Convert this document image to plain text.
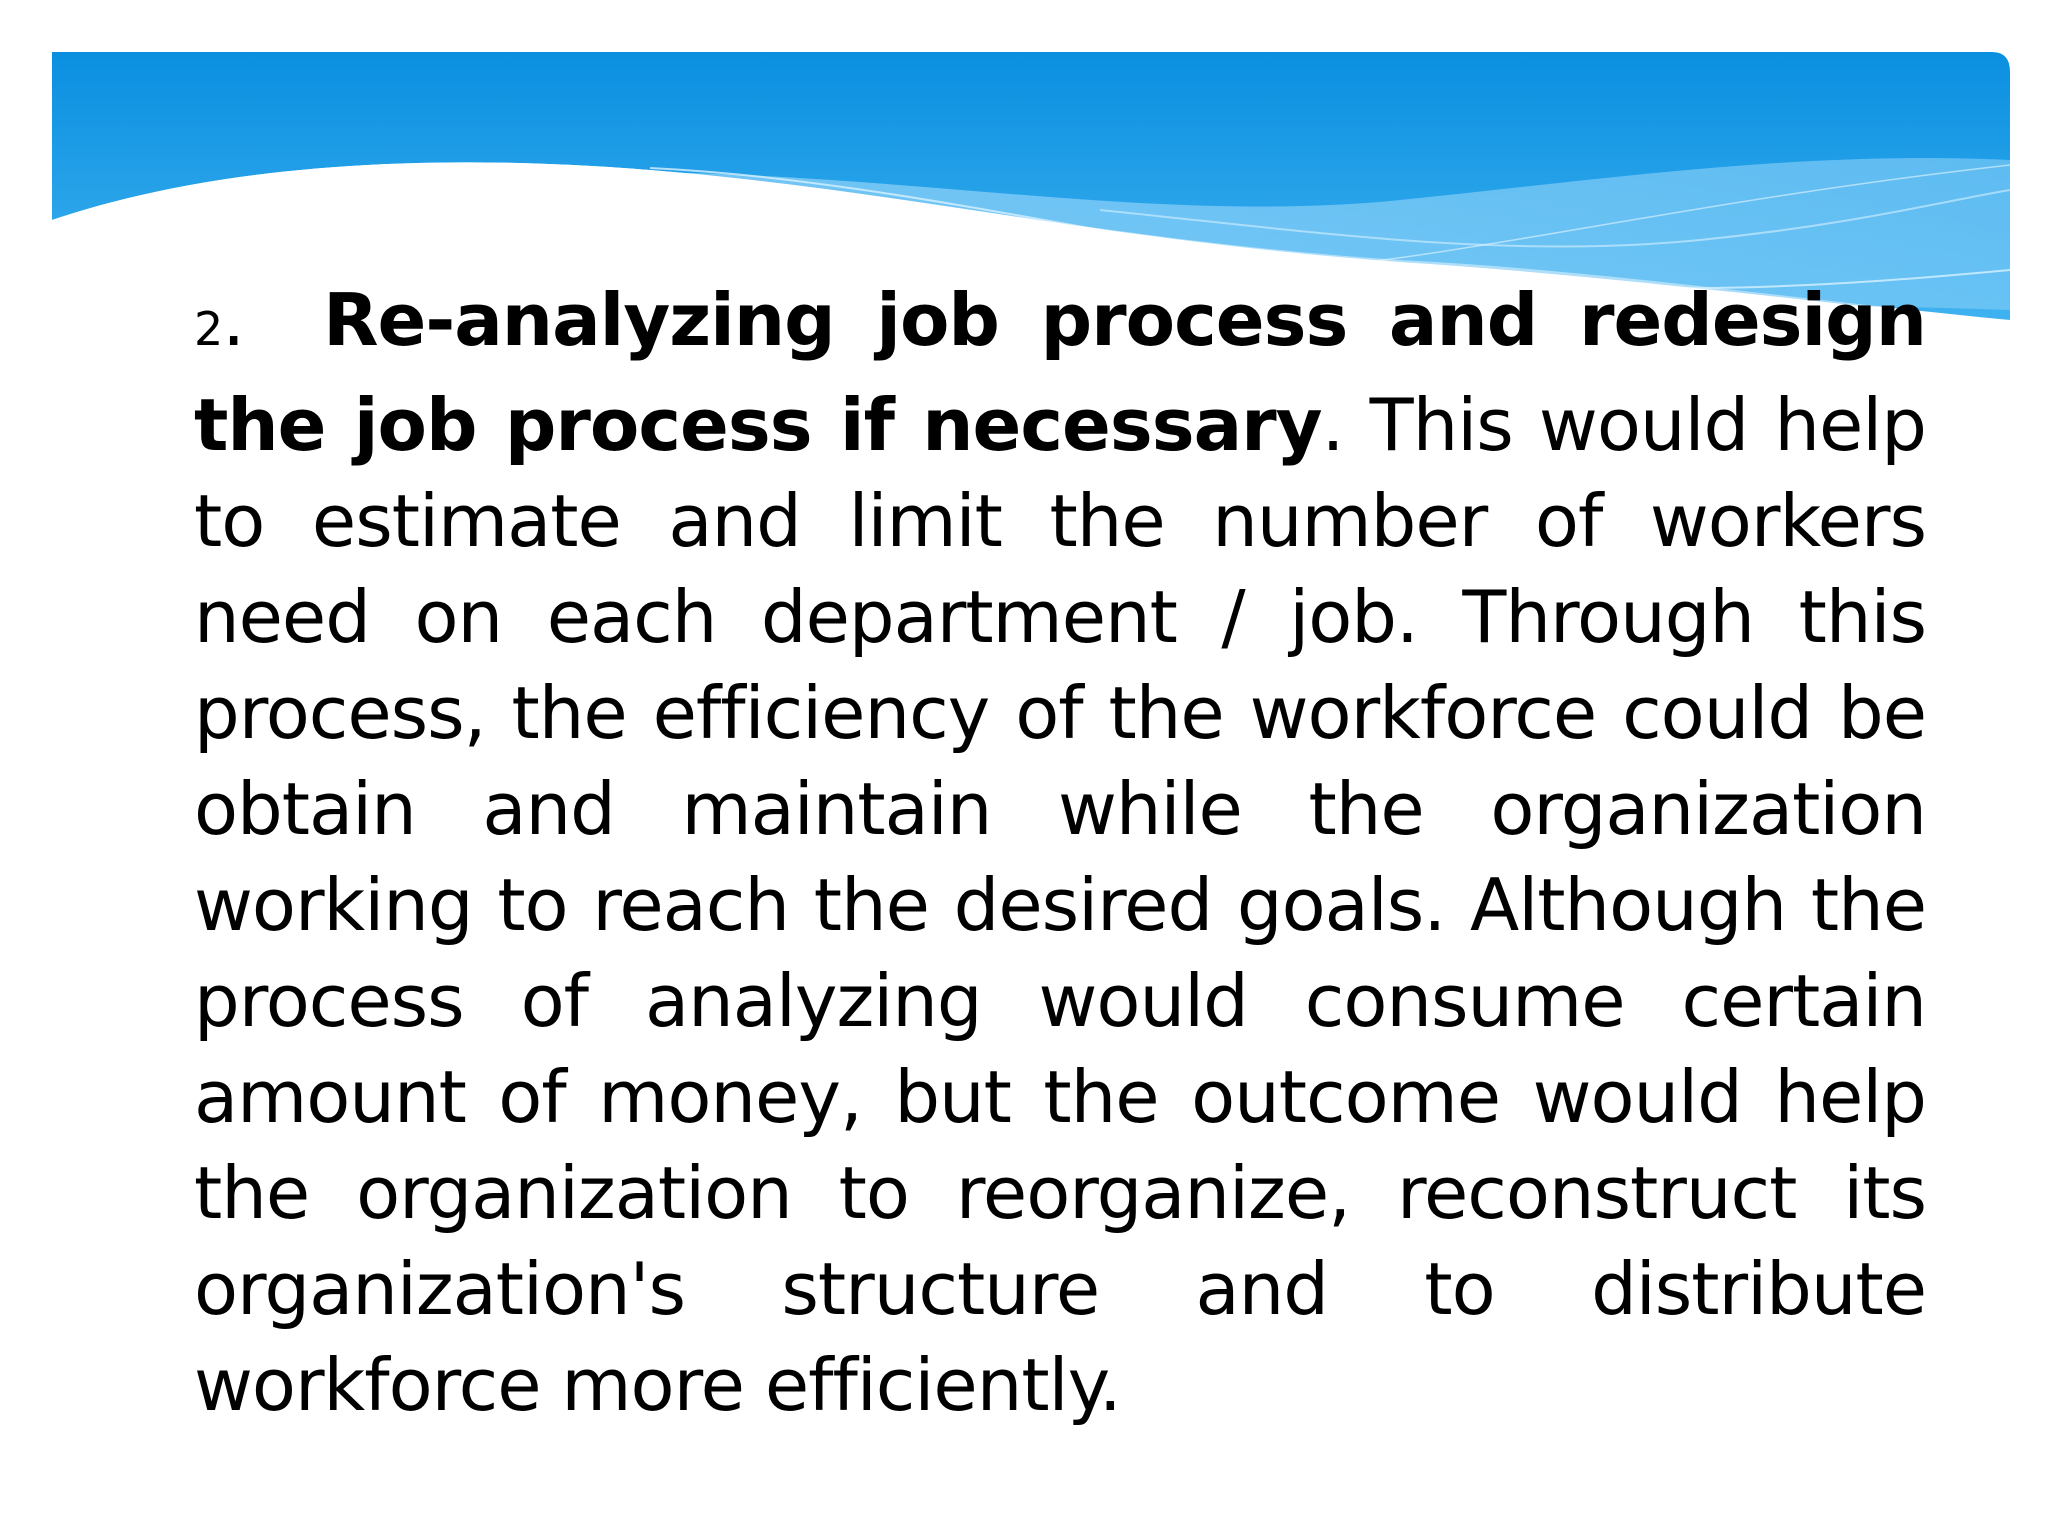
2. Re-analyzing job process and redesign the job process if necessary. This would help to estimate and limit the number of workers need on each department / job. Through this process, the efficiency of the workforce could be obtain and maintain while the organization working to reach the desired goals. Although the process of analyzing would consume certain amount of money, but the outcome would help the organization to reorganize, reconstruct its organization's structure and to distribute workforce more efficiently.
